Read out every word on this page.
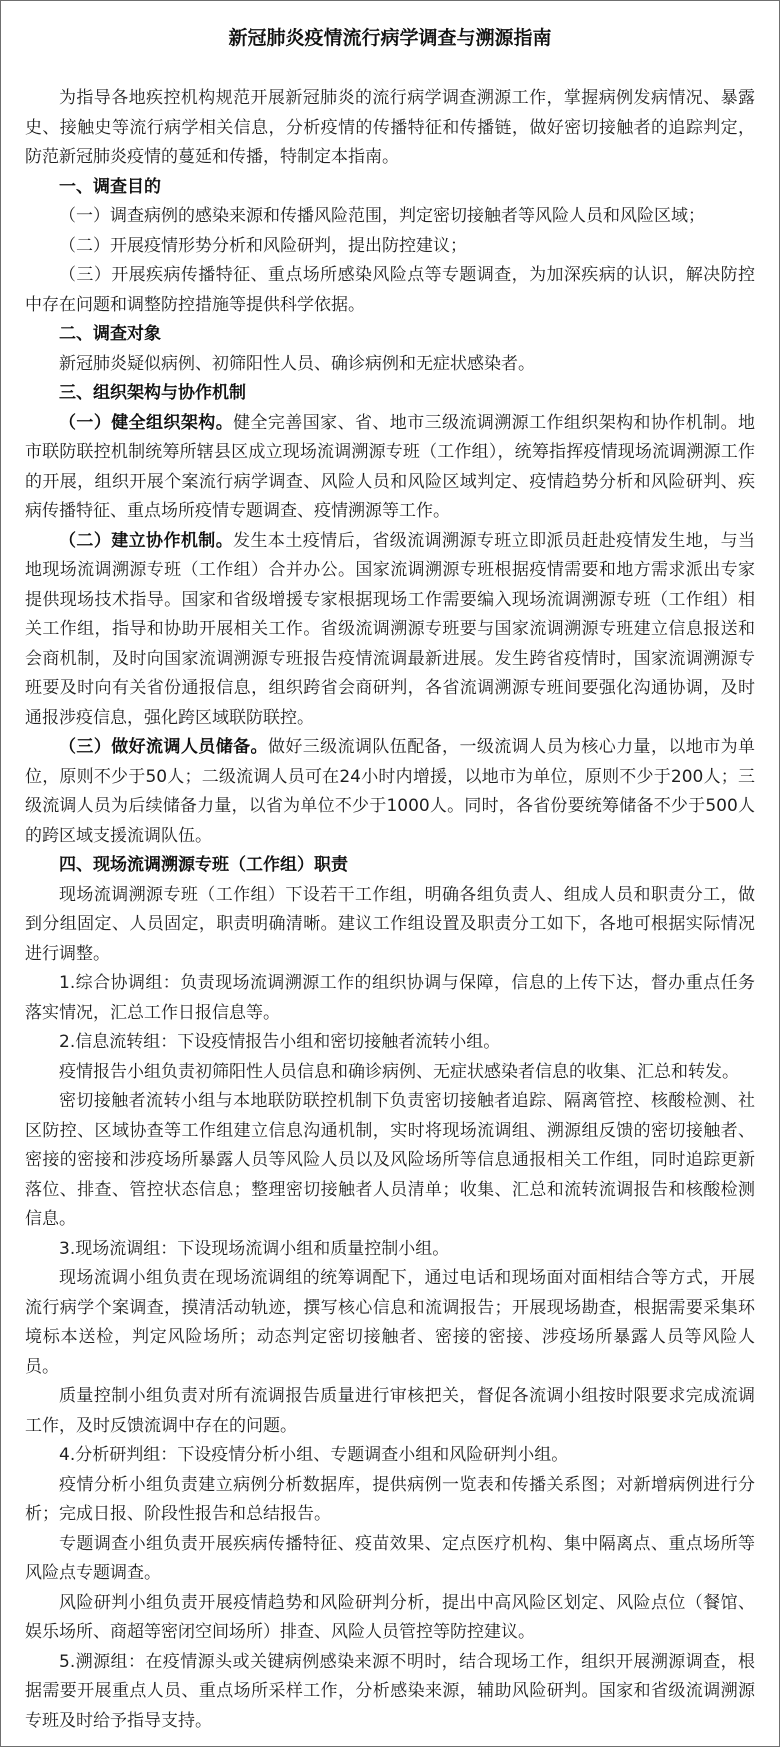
新冠肺炎疫情流行病学调查与溯源指南
为指导各地疾控机构规范开展新冠肺炎的流行病学调查溯源工作，掌握病例发病情况、暴露史、接触史等流行病学相关信息，分析疫情的传播特征和传播链，做好密切接触者的追踪判定，防范新冠肺炎疫情的蔓延和传播，特制定本指南。
一、调查目的
（一）调查病例的感染来源和传播风险范围，判定密切接触者等风险人员和风险区域；
（二）开展疫情形势分析和风险研判，提出防控建议；
（三）开展疾病传播特征、重点场所感染风险点等专题调查，为加深疾病的认识，解决防控中存在问题和调整防控措施等提供科学依据。
二、调查对象
新冠肺炎疑似病例、初筛阳性人员、确诊病例和无症状感染者。
三、组织架构与协作机制
（一）健全组织架构。健全完善国家、省、地市三级流调溯源工作组织架构和协作机制。地市联防联控机制统筹所辖县区成立现场流调溯源专班（工作组），统筹指挥疫情现场流调溯源工作的开展，组织开展个案流行病学调查、风险人员和风险区域判定、疫情趋势分析和风险研判、疾病传播特征、重点场所疫情专题调查、疫情溯源等工作。
（二）建立协作机制。发生本土疫情后，省级流调溯源专班立即派员赶赴疫情发生地，与当地现场流调溯源专班（工作组）合并办公。国家流调溯源专班根据疫情需要和地方需求派出专家提供现场技术指导。国家和省级增援专家根据现场工作需要编入现场流调溯源专班（工作组）相关工作组，指导和协助开展相关工作。省级流调溯源专班要与国家流调溯源专班建立信息报送和会商机制，及时向国家流调溯源专班报告疫情流调最新进展。发生跨省疫情时，国家流调溯源专班要及时向有关省份通报信息，组织跨省会商研判，各省流调溯源专班间要强化沟通协调，及时通报涉疫信息，强化跨区域联防联控。
（三）做好流调人员储备。做好三级流调队伍配备，一级流调人员为核心力量，以地市为单位，原则不少于50人；二级流调人员可在24小时内增援，以地市为单位，原则不少于200人；三级流调人员为后续储备力量，以省为单位不少于1000人。同时，各省份要统筹储备不少于500人的跨区域支援流调队伍。
四、现场流调溯源专班（工作组）职责
现场流调溯源专班（工作组）下设若干工作组，明确各组负责人、组成人员和职责分工，做到分组固定、人员固定，职责明确清晰。建议工作组设置及职责分工如下，各地可根据实际情况进行调整。
1.综合协调组：负责现场流调溯源工作的组织协调与保障，信息的上传下达，督办重点任务落实情况，汇总工作日报信息等。
2.信息流转组：下设疫情报告小组和密切接触者流转小组。
疫情报告小组负责初筛阳性人员信息和确诊病例、无症状感染者信息的收集、汇总和转发。
密切接触者流转小组与本地联防联控机制下负责密切接触者追踪、隔离管控、核酸检测、社区防控、区域协查等工作组建立信息沟通机制，实时将现场流调组、溯源组反馈的密切接触者、密接的密接和涉疫场所暴露人员等风险人员以及风险场所等信息通报相关工作组，同时追踪更新落位、排查、管控状态信息；整理密切接触者人员清单；收集、汇总和流转流调报告和核酸检测信息。
3.现场流调组：下设现场流调小组和质量控制小组。
现场流调小组负责在现场流调组的统筹调配下，通过电话和现场面对面相结合等方式，开展流行病学个案调查，摸清活动轨迹，撰写核心信息和流调报告；开展现场勘查，根据需要采集环境标本送检，判定风险场所；动态判定密切接触者、密接的密接、涉疫场所暴露人员等风险人员。
质量控制小组负责对所有流调报告质量进行审核把关，督促各流调小组按时限要求完成流调工作，及时反馈流调中存在的问题。
4.分析研判组：下设疫情分析小组、专题调查小组和风险研判小组。
疫情分析小组负责建立病例分析数据库，提供病例一览表和传播关系图；对新增病例进行分析；完成日报、阶段性报告和总结报告。
专题调查小组负责开展疾病传播特征、疫苗效果、定点医疗机构、集中隔离点、重点场所等风险点专题调查。
风险研判小组负责开展疫情趋势和风险研判分析，提出中高风险区划定、风险点位（餐馆、娱乐场所、商超等密闭空间场所）排查、风险人员管控等防控建议。
5.溯源组：在疫情源头或关键病例感染来源不明时，结合现场工作，组织开展溯源调查，根据需要开展重点人员、重点场所采样工作，分析感染来源，辅助风险研判。国家和省级流调溯源专班及时给予指导支持。
